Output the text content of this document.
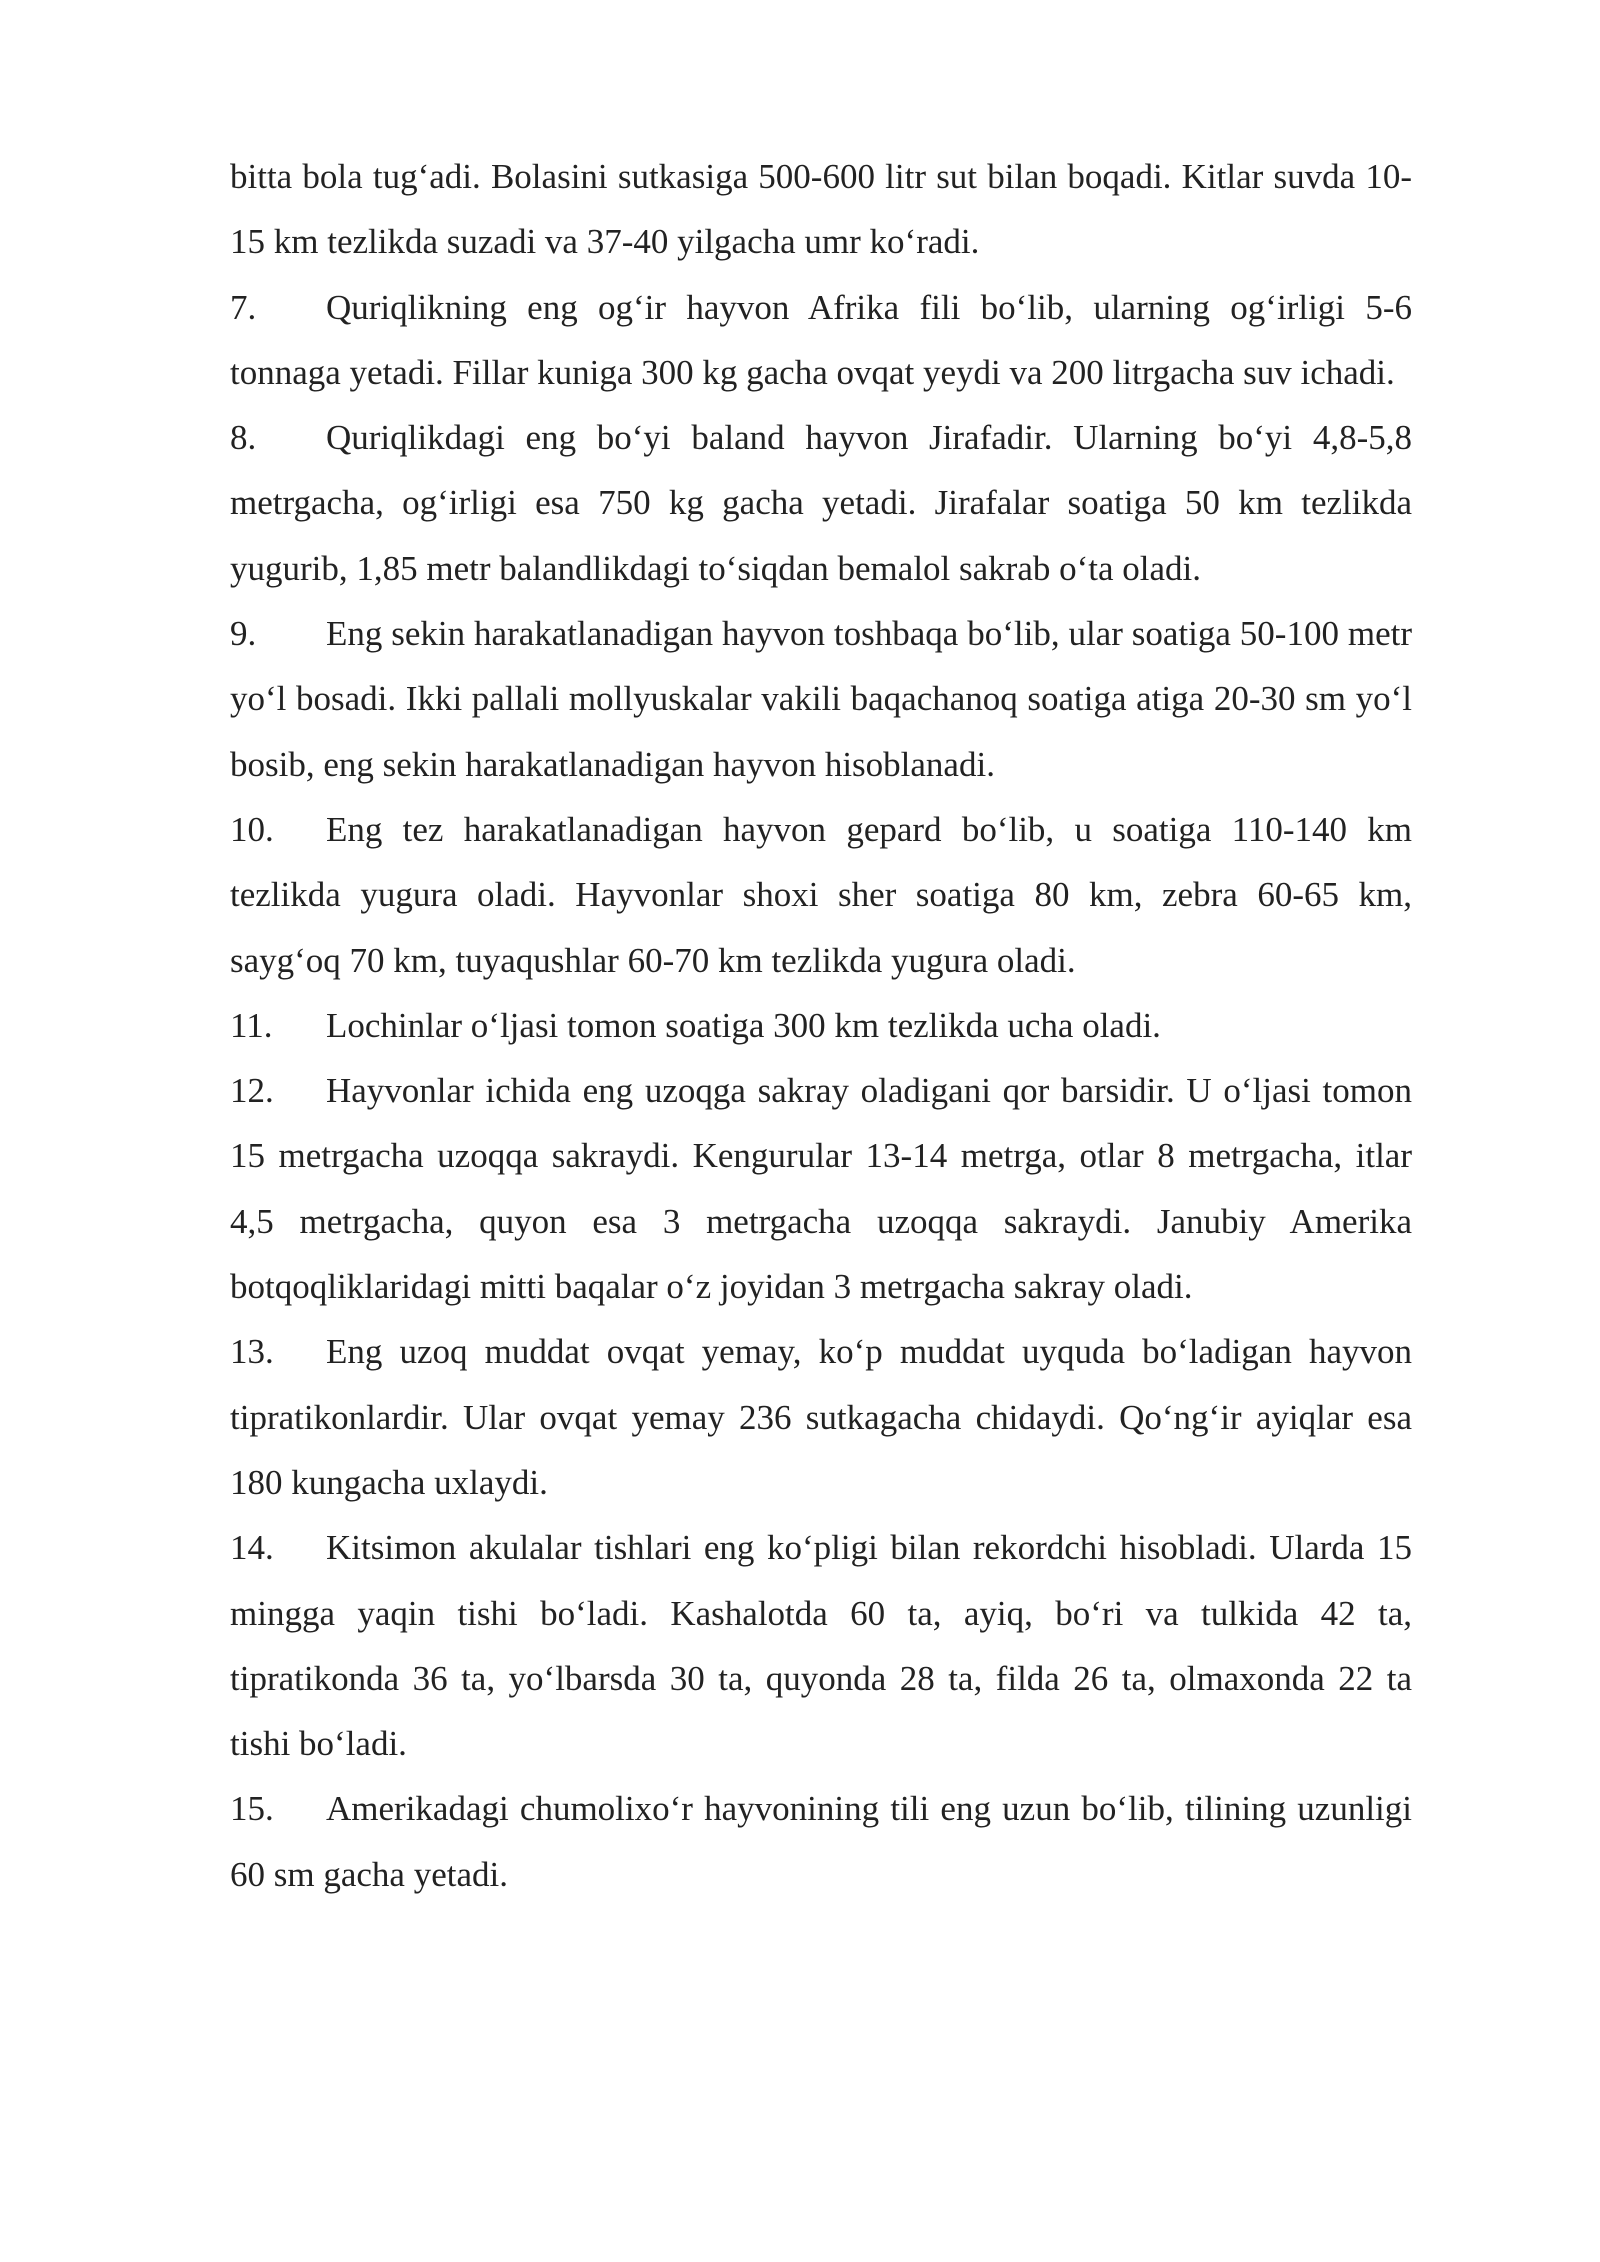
bitta bola tug‘adi. Bolasini sutkasiga 500-600 litr sut bilan boqadi. Kitlar suvda 10-15 km tezlikda suzadi va 37-40 yilgacha umr ko‘radi.

7. Quriqlikning eng og‘ir hayvon Afrika fili bo‘lib, ularning og‘irligi 5-6 tonnaga yetadi. Fillar kuniga 300 kg gacha ovqat yeydi va 200 litrgacha suv ichadi.

8. Quriqlikdagi eng bo‘yi baland hayvon Jirafadir. Ularning bo‘yi 4,8-5,8 metrgacha, og‘irligi esa 750 kg gacha yetadi. Jirafalar soatiga 50 km tezlikda yugurib, 1,85 metr balandlikdagi to‘siqdan bemalol sakrab o‘ta oladi.

9. Eng sekin harakatlanadigan hayvon toshbaqa bo‘lib, ular soatiga 50-100 metr yo‘l bosadi. Ikki pallali mollyuskalar vakili baqachanoq soatiga atiga 20-30 sm yo‘l bosib, eng sekin harakatlanadigan hayvon hisoblanadi.

10. Eng tez harakatlanadigan hayvon gepard bo‘lib, u soatiga 110-140 km tezlikda yugura oladi. Hayvonlar shoxi sher soatiga 80 km, zebra 60-65 km, sayg‘oq 70 km, tuyaqushlar 60-70 km tezlikda yugura oladi.

11. Lochinlar o‘ljasi tomon soatiga 300 km tezlikda ucha oladi.

12. Hayvonlar ichida eng uzoqga sakray oladigani qor barsidir. U o‘ljasi tomon 15 metrgacha uzoqqa sakraydi. Kengurular 13-14 metrga, otlar 8 metrgacha, itlar 4,5 metrgacha, quyon esa 3 metrgacha uzoqqa sakraydi. Janubiy Amerika botqoqliklaridagi mitti baqalar o‘z joyidan 3 metrgacha sakray oladi.

13. Eng uzoq muddat ovqat yemay, ko‘p muddat uyquda bo‘ladigan hayvon tipratikonlardir. Ular ovqat yemay 236 sutkagacha chidaydi. Qo‘ng‘ir ayiqlar esa 180 kungacha uxlaydi.

14. Kitsimon akulalar tishlari eng ko‘pligi bilan rekordchi hisobladi. Ularda 15 mingga yaqin tishi bo‘ladi. Kashalotda 60 ta, ayiq, bo‘ri va tulkida 42 ta, tipratikonda 36 ta, yo‘lbarsda 30 ta, quyonda 28 ta, filda 26 ta, olmaxonda 22 ta tishi bo‘ladi.

15. Amerikadagi chumolixo‘r hayvonining tili eng uzun bo‘lib, tilining uzunligi 60 sm gacha yetadi.
